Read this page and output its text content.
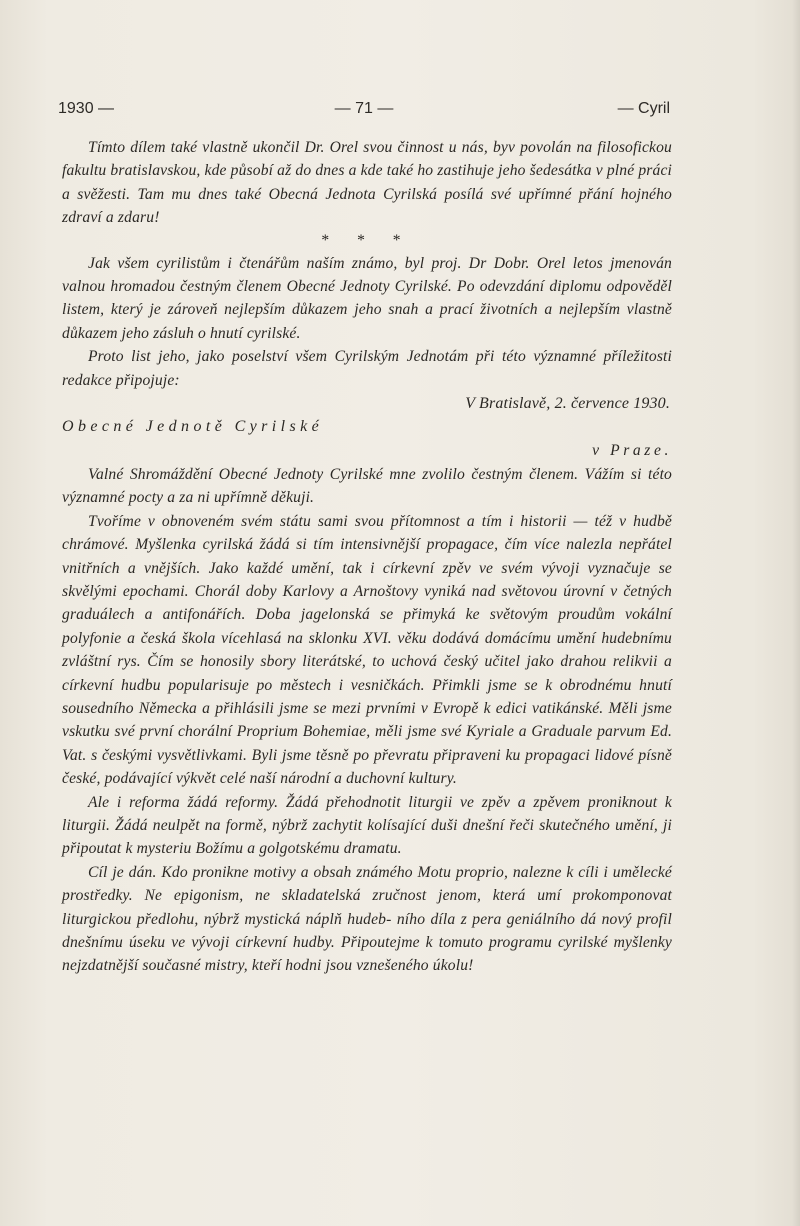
1930 —	— 71 —	— Cyril

Tímto dílem také vlastně ukončil Dr. Orel svou činnost u nás, byv povolán na filosofickou fakultu bratislavskou, kde působí až do dnes a kde také ho zastihuje jeho šedesátka v plné práci a svěžesti. Tam mu dnes také Obecná Jednota Cyrilská posílá své upřímné přání hojného zdraví a zdaru!

* * *

Jak všem cyrilistům i čtenářům naším známo, byl proj. Dr Dobr. Orel letos jmenován valnou hromadou čestným členem Obecné Jednoty Cyrilské. Po odevzdání diplomu odpověděl listem, který je zároveň nejlepším důkazem jeho snah a prací životních a nejlepším vlastně důkazem jeho zásluh o hnutí cyrilské.

Proto list jeho, jako poselství všem Cyrilským Jednotám při této významné příležitosti redakce připojuje:

V Bratislavě, 2. července 1930.

Obecné Jednotě Cyrilské

v Praze.

Valné Shromáždění Obecné Jednoty Cyrilské mne zvolilo čestným členem. Vážím si této významné pocty a za ni upřímně děkuji.

Tvoříme v obnoveném svém státu sami svou přítomnost a tím i historii — též v hudbě chrámové. Myšlenka cyrilská žádá si tím intensivnější propagace, čím více nalezla nepřátel vnitřních a vnějších. Jako každé umění, tak i církevní zpěv ve svém vývoji vyznačuje se skvělými epochami. Chorál doby Karlovy a Arnoštovy vyniká nad světovou úrovní v četných graduálech a antifonářích. Doba jagelonská se přimyká ke světovým proudům vokální polyfonie a česká škola vícehlasá na sklonku XVI. věku dodává domácímu umění hudebnímu zvláštní rys. Čím se honosily sbory literátské, to uchová český učitel jako drahou relikvii a církevní hudbu popularisuje po městech i vesničkách. Přimkli jsme se k obrodnému hnutí sousedního Německa a přihlásili jsme se mezi prvními v Evropě k edici vatikánské. Měli jsme vskutku své první chorální Proprium Bohemiae, měli jsme své Kyriale a Graduale parvum Ed. Vat. s českými vysvětlivkami. Byli jsme těsně po převratu připraveni ku propagaci lidové písně české, podávající výkvět celé naší národní a duchovní kultury.

Ale i reforma žádá reformy. Žádá přehodnotit liturgii ve zpěv a zpěvem proniknout k liturgii. Žádá neulpět na formě, nýbrž zachytit kolísající duši dnešní řeči skutečného umění, ji připoutat k mysteriu Božímu a golgotskému dramatu.

Cíl je dán. Kdo pronikne motivy a obsah známého Motu proprio, nalezne k cíli i umělecké prostředky. Ne epigonism, ne skladatelská zručnost jenom, která umí prokomponovat liturgickou předlohu, nýbrž mystická náplň hudeb- ního díla z pera geniálního dá nový profil dnešnímu úseku ve vývoji církevní hudby. Připoutejme k tomuto programu cyrilské myšlenky nejzdatnější současné mistry, kteří hodni jsou vznešeného úkolu!
